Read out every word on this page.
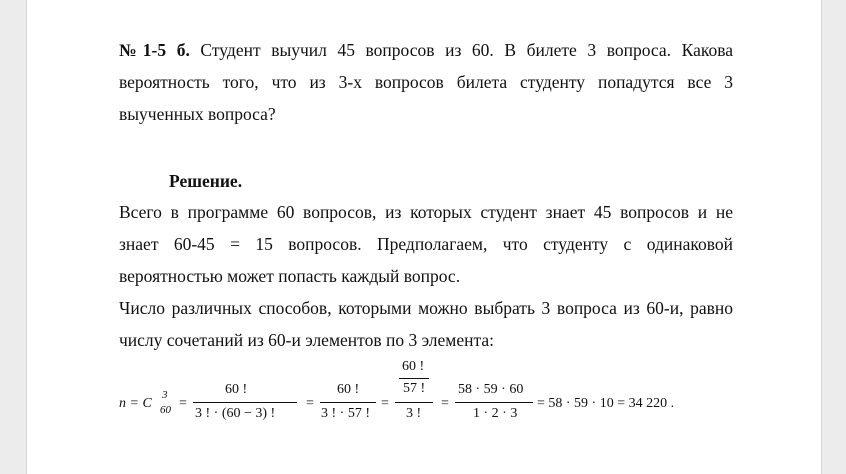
№1-5 б. Студент выучил 45 вопросов из 60. В билете 3 вопроса. Какова
вероятность того, что из 3-х вопросов билета студенту попадутся все 3
выученных вопроса?
Решение.
Всего в программе 60 вопросов, из которых студент знает 45 вопросов и не
знает 60-45 = 15 вопросов. Предполагаем, что студенту с одинаковой
вероятностью может попасть каждый вопрос.
Число различных способов, которыми можно выбрать 3 вопроса из 60-и, равно
числу сочетаний из 60-и элементов по 3 элемента:
n = C
3
60 =
60 !
3 ! · (60 − 3) !
=
60 !
3 ! · 57 !
=
60 !
57 !
3 !
=
58 · 59 · 60
1 · 2 · 3
= 58 · 59 · 10 = 34 220 .
